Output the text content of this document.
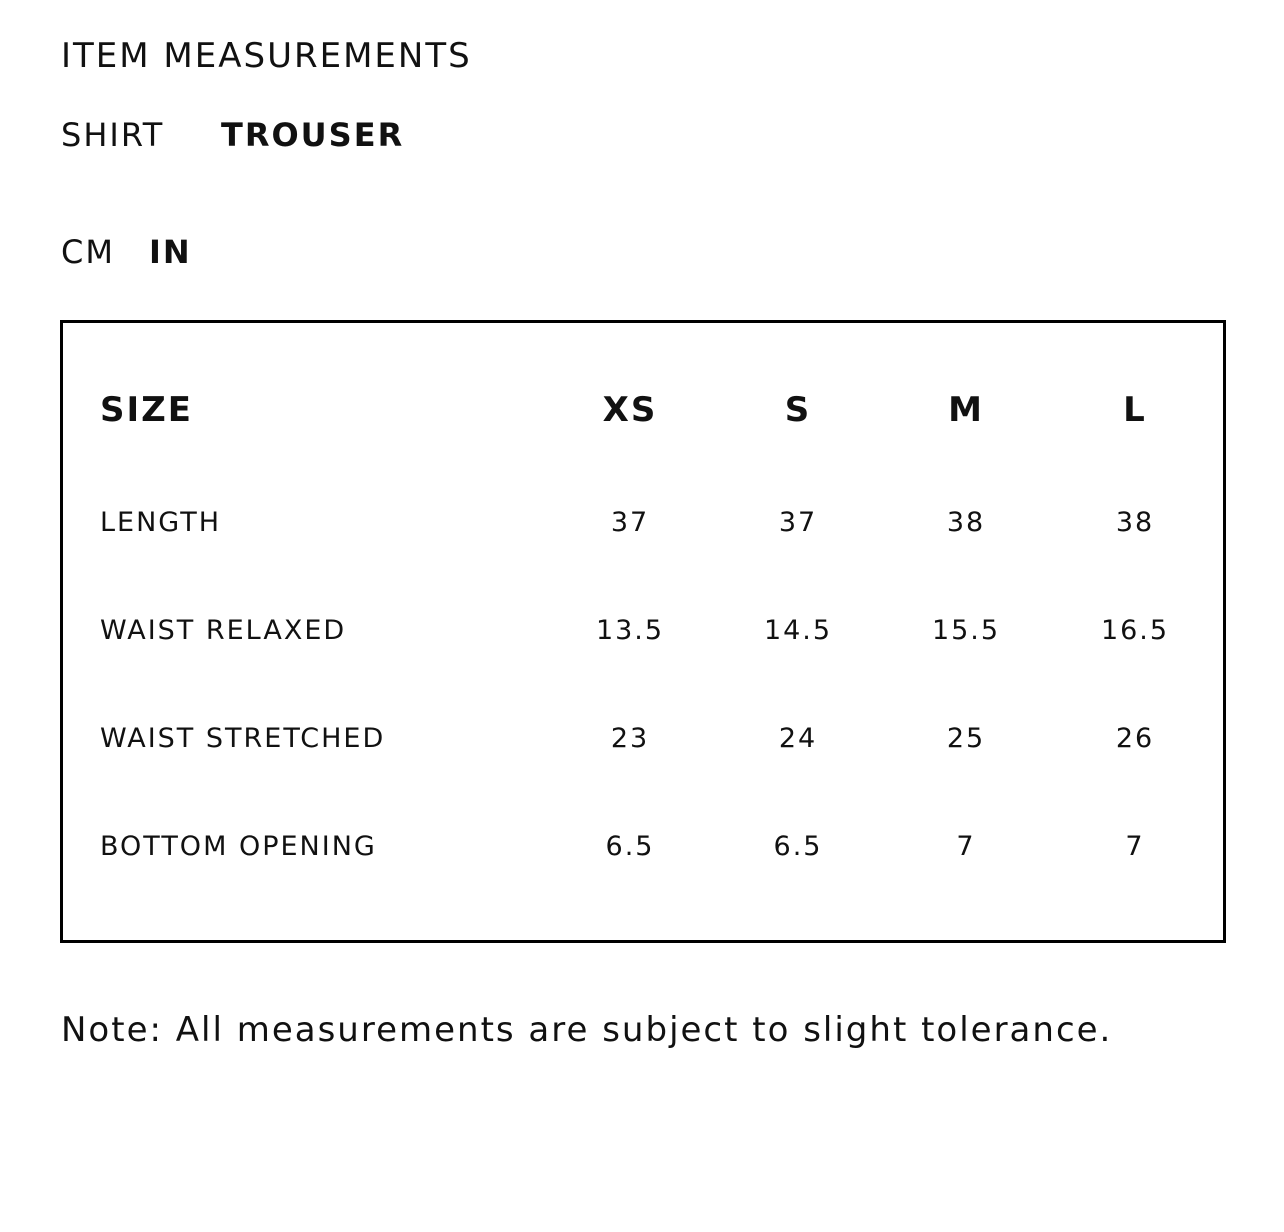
ITEM MEASUREMENTS
SHIRT TROUSER
CM IN
SIZE	XS	S	M	L
LENGTH	37	37	38	38
WAIST RELAXED	13.5	14.5	15.5	16.5
WAIST STRETCHED	23	24	25	26
BOTTOM OPENING	6.5	6.5	7	7
Note: All measurements are subject to slight tolerance.
